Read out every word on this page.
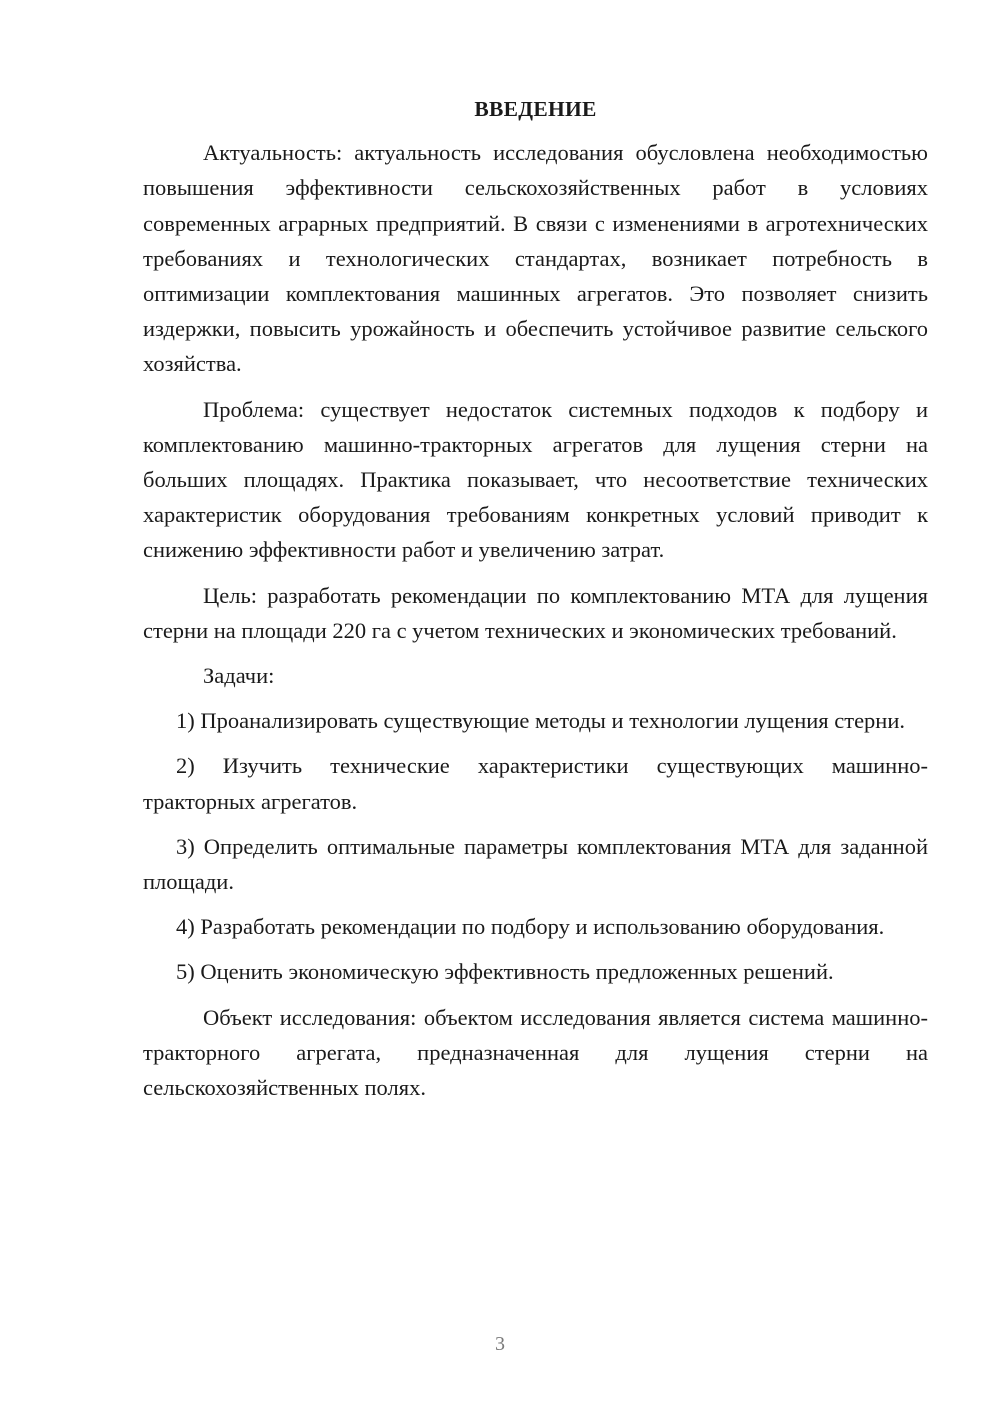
ВВЕДЕНИЕ

Актуальность: актуальность исследования обусловлена необходимостью повышения эффективности сельскохозяйственных работ в условиях современных аграрных предприятий. В связи с изменениями в агротехнических требованиях и технологических стандартах, возникает потребность в оптимизации комплектования машинных агрегатов. Это позволяет снизить издержки, повысить урожайность и обеспечить устойчивое развитие сельского хозяйства.

Проблема: существует недостаток системных подходов к подбору и комплектованию машинно-тракторных агрегатов для лущения стерни на больших площадях. Практика показывает, что несоответствие технических характеристик оборудования требованиям конкретных условий приводит к снижению эффективности работ и увеличению затрат.

Цель: разработать рекомендации по комплектованию МТА для лущения стерни на площади 220 га с учетом технических и экономических требований.

Задачи:

1) Проанализировать существующие методы и технологии лущения стерни.

2) Изучить технические характеристики существующих машинно-тракторных агрегатов.

3) Определить оптимальные параметры комплектования МТА для заданной площади.

4) Разработать рекомендации по подбору и использованию оборудования.

5) Оценить экономическую эффективность предложенных решений.

Объект исследования: объектом исследования является система машинно-тракторного агрегата, предназначенная для лущения стерни на сельскохозяйственных полях.

3
